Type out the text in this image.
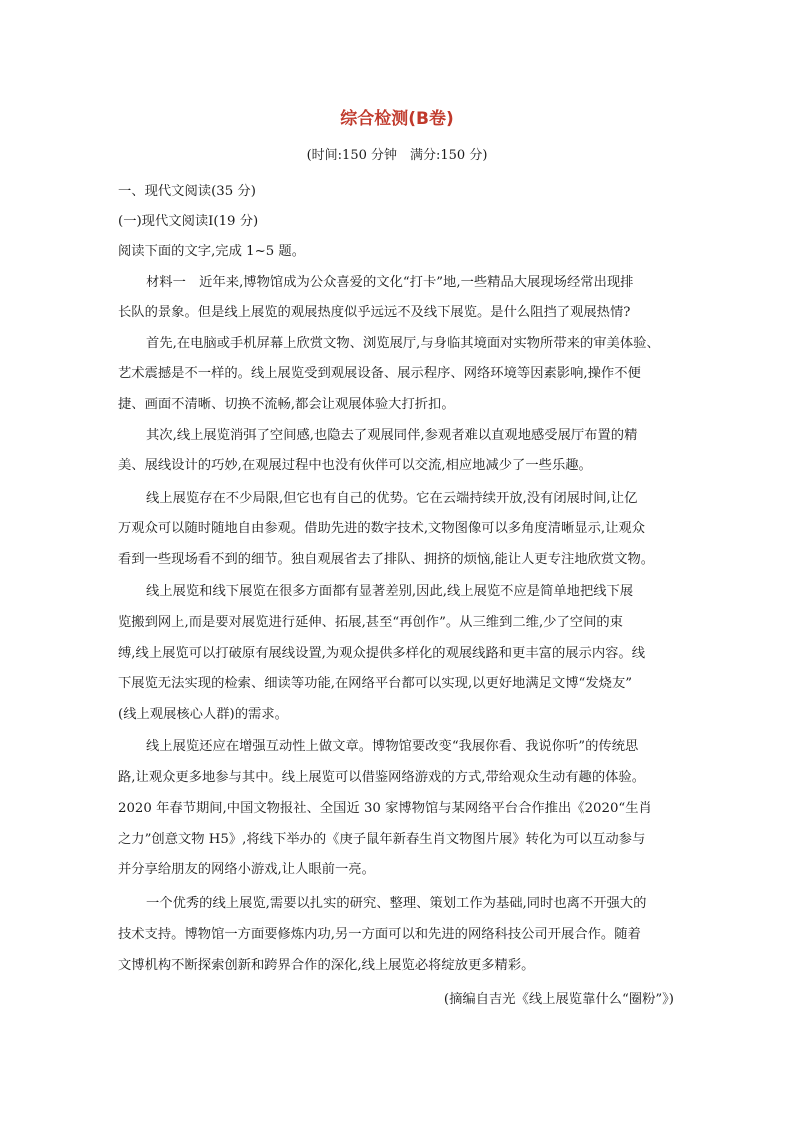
综合检测(B卷)
(时间:150 分钟　满分:150 分)
一、现代文阅读(35 分)
(一)现代文阅读Ⅰ(19 分)
阅读下面的文字,完成 1~5 题。
材料一　近年来,博物馆成为公众喜爱的文化“打卡”地,一些精品大展现场经常出现排
长队的景象。但是线上展览的观展热度似乎远远不及线下展览。是什么阻挡了观展热情?
首先,在电脑或手机屏幕上欣赏文物、浏览展厅,与身临其境面对实物所带来的审美体验、
艺术震撼是不一样的。线上展览受到观展设备、展示程序、网络环境等因素影响,操作不便
捷、画面不清晰、切换不流畅,都会让观展体验大打折扣。
其次,线上展览消弭了空间感,也隐去了观展同伴,参观者难以直观地感受展厅布置的精
美、展线设计的巧妙,在观展过程中也没有伙伴可以交流,相应地减少了一些乐趣。
线上展览存在不少局限,但它也有自己的优势。它在云端持续开放,没有闭展时间,让亿
万观众可以随时随地自由参观。借助先进的数字技术,文物图像可以多角度清晰显示,让观众
看到一些现场看不到的细节。独自观展省去了排队、拥挤的烦恼,能让人更专注地欣赏文物。
线上展览和线下展览在很多方面都有显著差别,因此,线上展览不应是简单地把线下展
览搬到网上,而是要对展览进行延伸、拓展,甚至“再创作”。从三维到二维,少了空间的束
缚,线上展览可以打破原有展线设置,为观众提供多样化的观展线路和更丰富的展示内容。线
下展览无法实现的检索、细读等功能,在网络平台都可以实现,以更好地满足文博“发烧友”
(线上观展核心人群)的需求。
线上展览还应在增强互动性上做文章。博物馆要改变“我展你看、我说你听”的传统思
路,让观众更多地参与其中。线上展览可以借鉴网络游戏的方式,带给观众生动有趣的体验。
2020 年春节期间,中国文物报社、全国近 30 家博物馆与某网络平台合作推出《2020“生肖
之力”创意文物 H5》,将线下举办的《庚子鼠年新春生肖文物图片展》转化为可以互动参与
并分享给朋友的网络小游戏,让人眼前一亮。
一个优秀的线上展览,需要以扎实的研究、整理、策划工作为基础,同时也离不开强大的
技术支持。博物馆一方面要修炼内功,另一方面可以和先进的网络科技公司开展合作。随着
文博机构不断探索创新和跨界合作的深化,线上展览必将绽放更多精彩。
(摘编自吉光《线上展览靠什么“圈粉”》)
